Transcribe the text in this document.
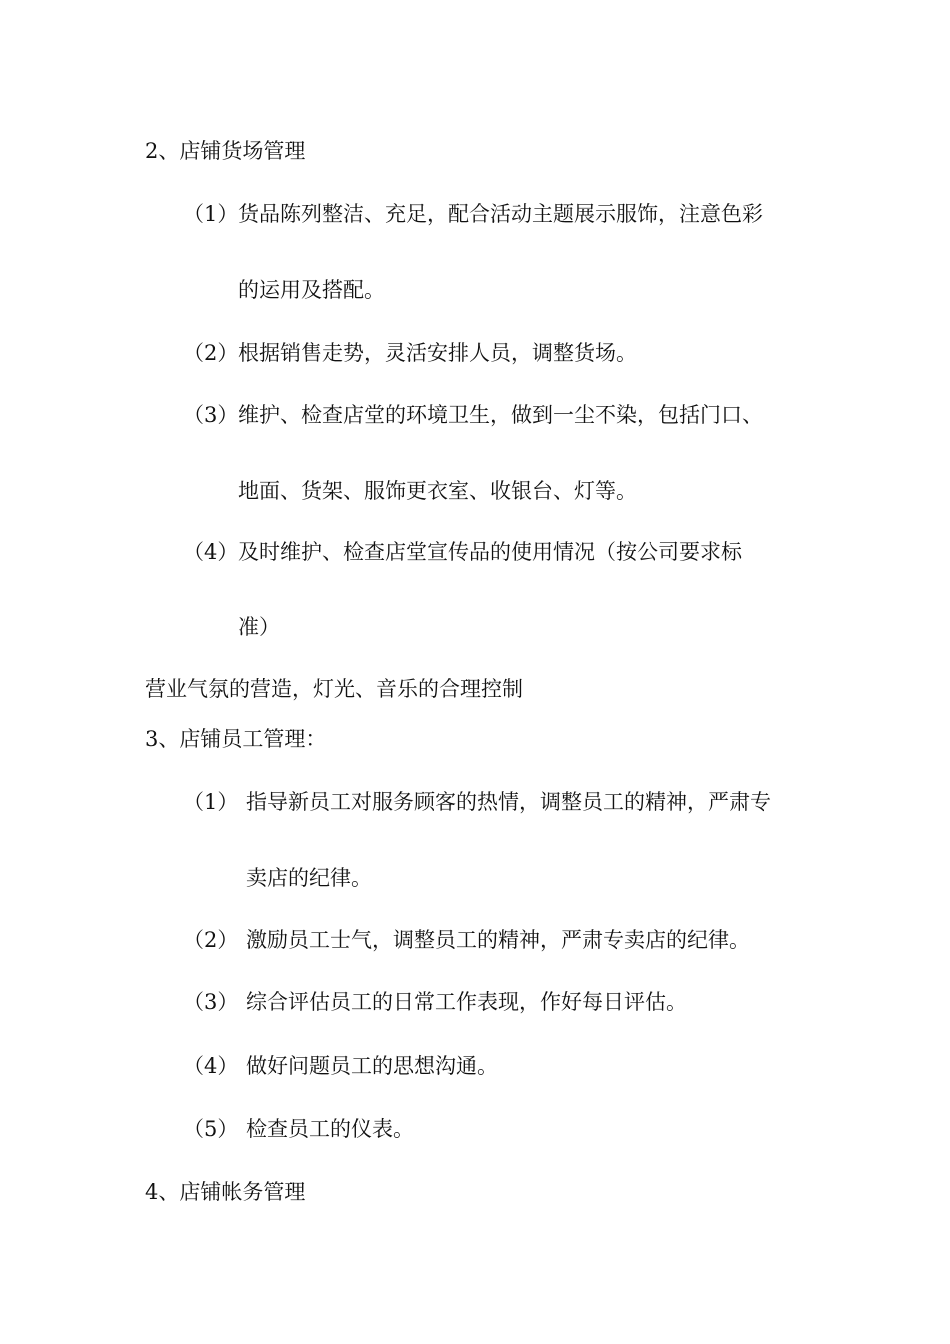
2、店铺货场管理
（1） 货品陈列整洁、充足，配合活动主题展示服饰，注意色彩
的运用及搭配。
（2） 根据销售走势，灵活安排人员，调整货场。
（3） 维护、检查店堂的环境卫生，做到一尘不染，包括门口、
地面、货架、服饰更衣室、收银台、灯等。
（4） 及时维护、检查店堂宣传品的使用情况（按公司要求标
准）
营业气氛的营造，灯光、音乐的合理控制
3、店铺员工管理：
（1） 指导新员工对服务顾客的热情，调整员工的精神，严肃专
卖店的纪律。
（2） 激励员工士气，调整员工的精神，严肃专卖店的纪律。
（3） 综合评估员工的日常工作表现，作好每日评估。
（4） 做好问题员工的思想沟通。
（5） 检查员工的仪表。
4、店铺帐务管理
